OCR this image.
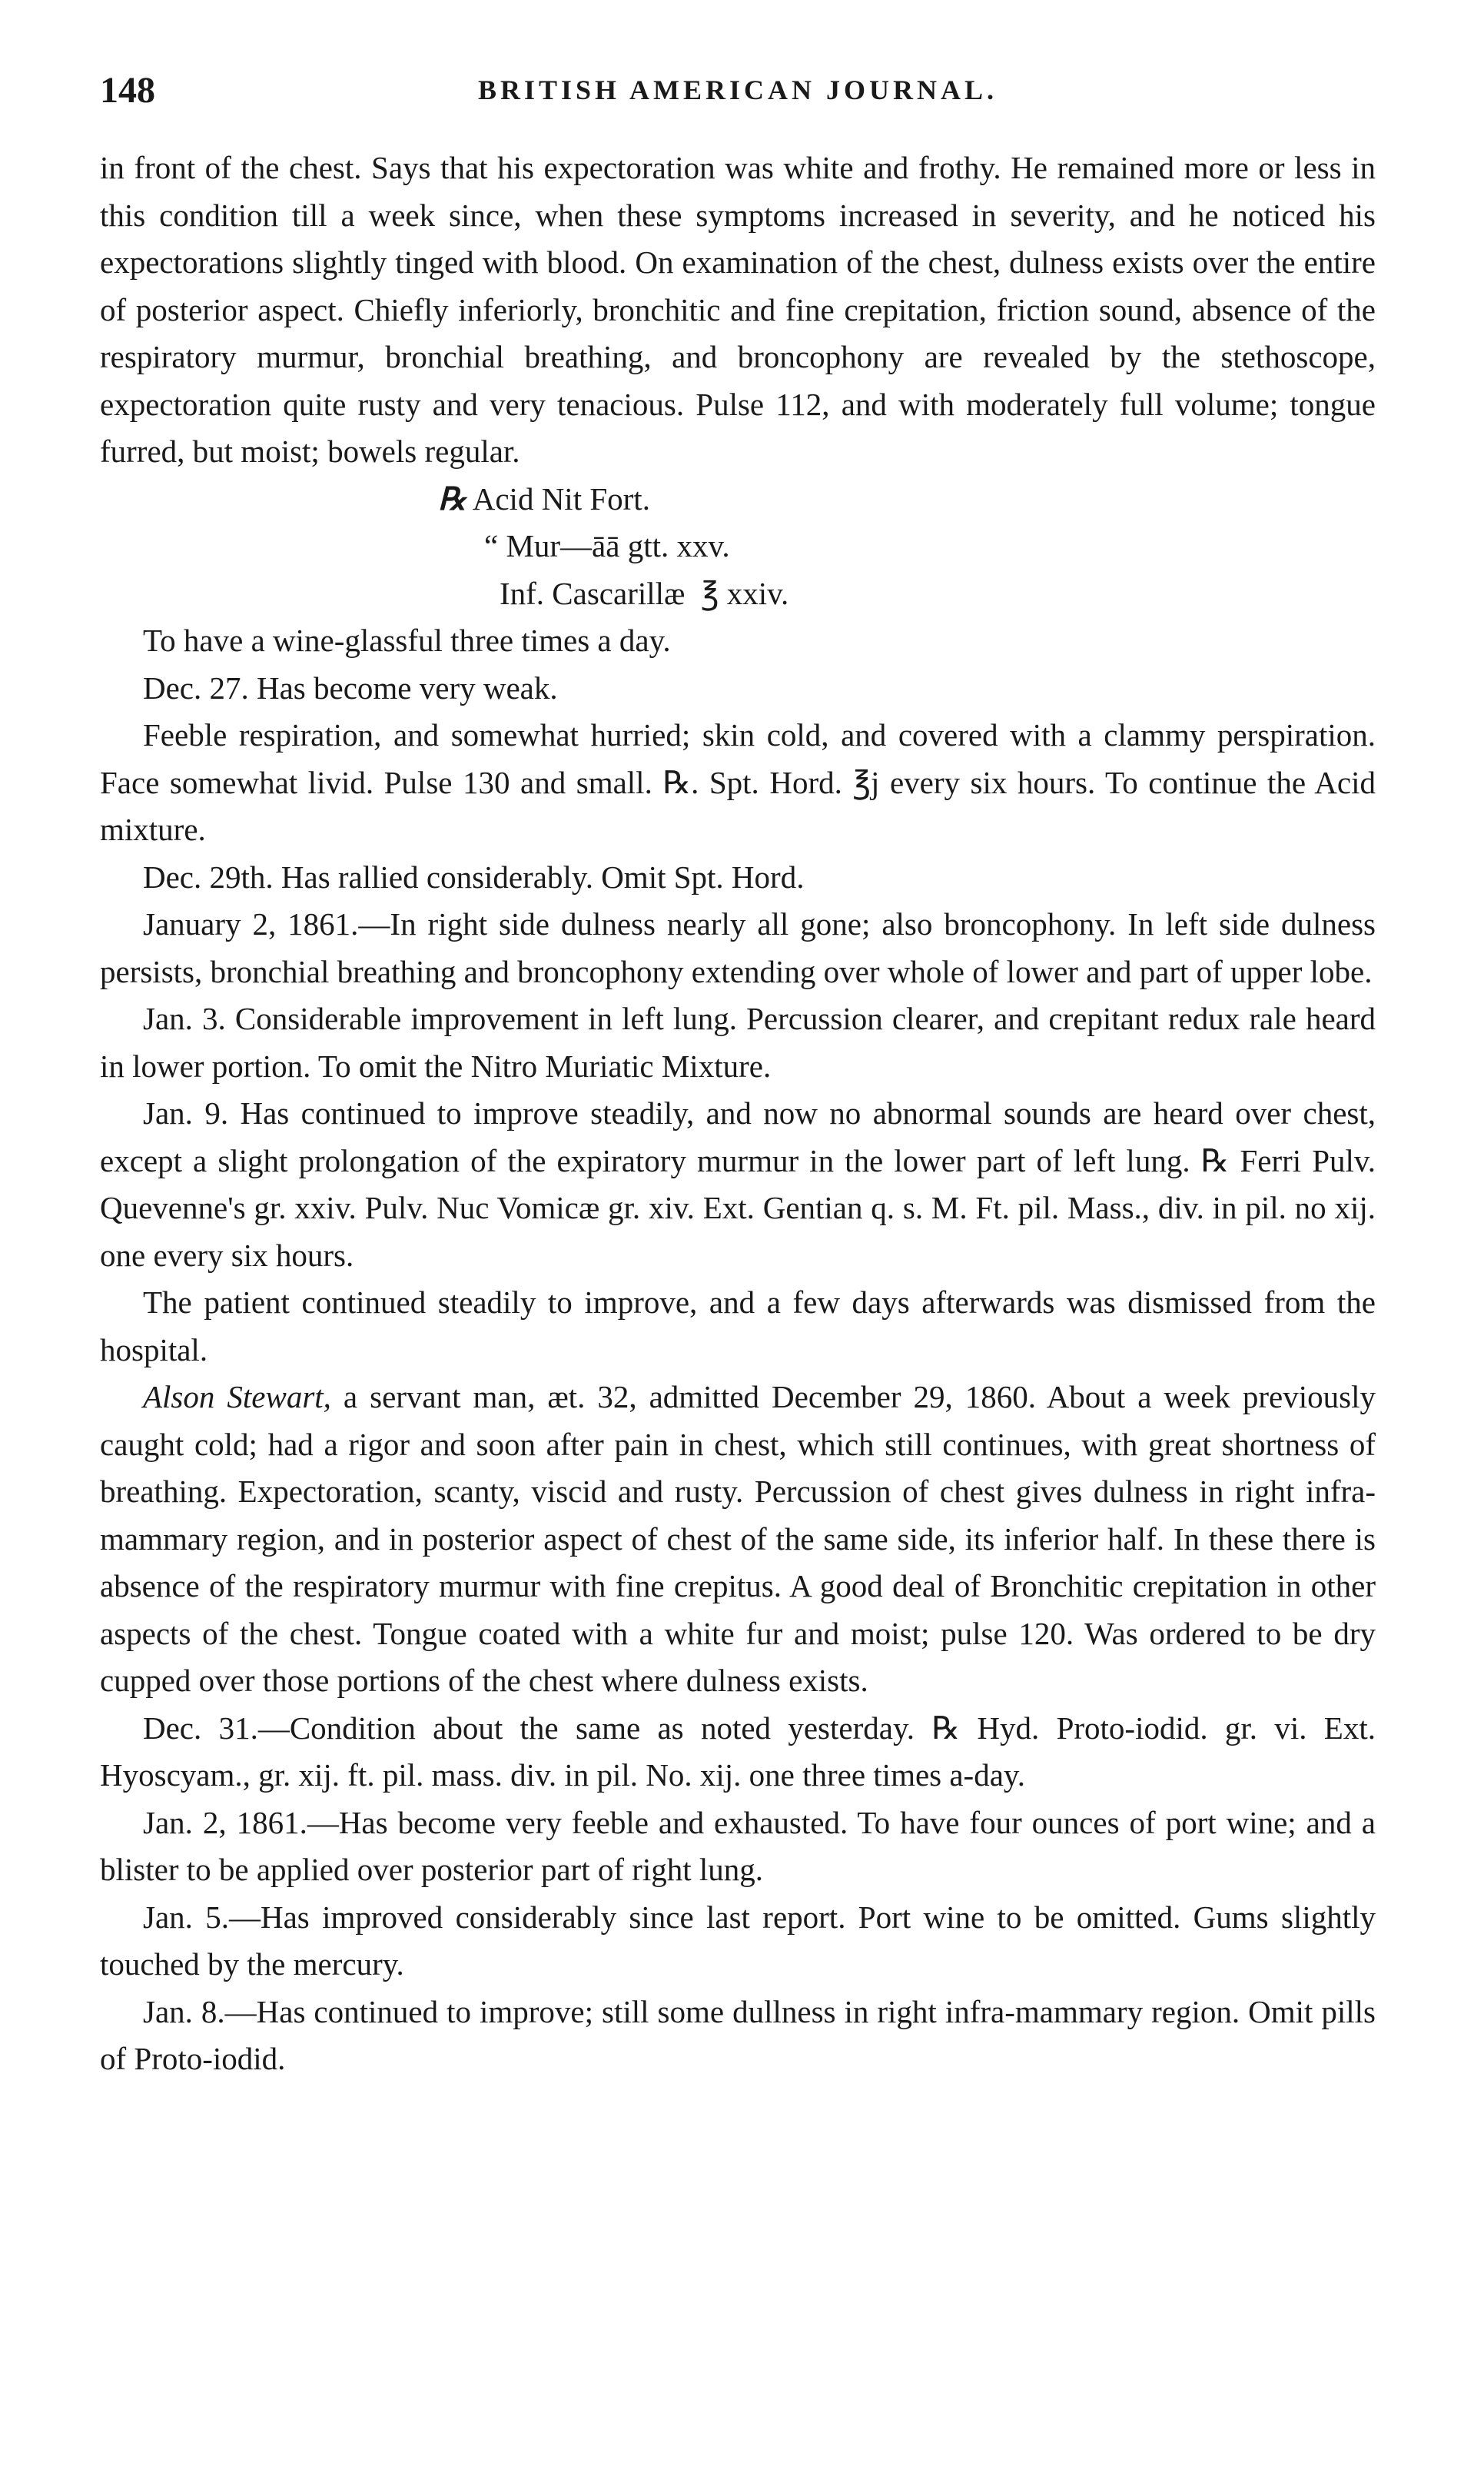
148	BRITISH AMERICAN JOURNAL.

in front of the chest. Says that his expectoration was white and frothy. He remained more or less in this condition till a week since, when these symptoms increased in severity, and he noticed his expectorations slightly tinged with blood. On examination of the chest, dulness exists over the entire of posterior aspect. Chiefly inferiorly, bronchitic and fine crepitation, friction sound, absence of the respiratory murmur, bronchial breathing, and broncophony are revealed by the stethoscope, expectoration quite rusty and very tenacious. Pulse 112, and with moderately full volume; tongue furred, but moist; bowels regular.

℞ Acid Nit Fort.
“ Mur—āā gtt. xxv.
Inf. Cascarillæ  ℥ xxiv.

To have a wine-glassful three times a day.

Dec. 27. Has become very weak.

Feeble respiration, and somewhat hurried; skin cold, and covered with a clammy perspiration. Face somewhat livid. Pulse 130 and small. ℞. Spt. Hord. ℥j every six hours. To continue the Acid mixture.

Dec. 29th. Has rallied considerably. Omit Spt. Hord.

January 2, 1861.—In right side dulness nearly all gone; also broncophony. In left side dulness persists, bronchial breathing and broncophony extending over whole of lower and part of upper lobe.

Jan. 3. Considerable improvement in left lung. Percussion clearer, and crepitant redux rale heard in lower portion. To omit the Nitro Muriatic Mixture.

Jan. 9. Has continued to improve steadily, and now no abnormal sounds are heard over chest, except a slight prolongation of the expiratory murmur in the lower part of left lung. ℞ Ferri Pulv. Quevenne's gr. xxiv. Pulv. Nuc Vomicæ gr. xiv. Ext. Gentian q. s. M. Ft. pil. Mass., div. in pil. no xij. one every six hours.

The patient continued steadily to improve, and a few days afterwards was dismissed from the hospital.

Alson Stewart, a servant man, æt. 32, admitted December 29, 1860. About a week previously caught cold; had a rigor and soon after pain in chest, which still continues, with great shortness of breathing. Expectoration, scanty, viscid and rusty. Percussion of chest gives dulness in right infra-mammary region, and in posterior aspect of chest of the same side, its inferior half. In these there is absence of the respiratory murmur with fine crepitus. A good deal of Bronchitic crepitation in other aspects of the chest. Tongue coated with a white fur and moist; pulse 120. Was ordered to be dry cupped over those portions of the chest where dulness exists.

Dec. 31.—Condition about the same as noted yesterday. ℞ Hyd. Proto-iodid. gr. vi. Ext. Hyoscyam., gr. xij. ft. pil. mass. div. in pil. No. xij. one three times a-day.

Jan. 2, 1861.—Has become very feeble and exhausted. To have four ounces of port wine; and a blister to be applied over posterior part of right lung.

Jan. 5.—Has improved considerably since last report. Port wine to be omitted. Gums slightly touched by the mercury.

Jan. 8.—Has continued to improve; still some dullness in right infra-mammary region. Omit pills of Proto-iodid.
